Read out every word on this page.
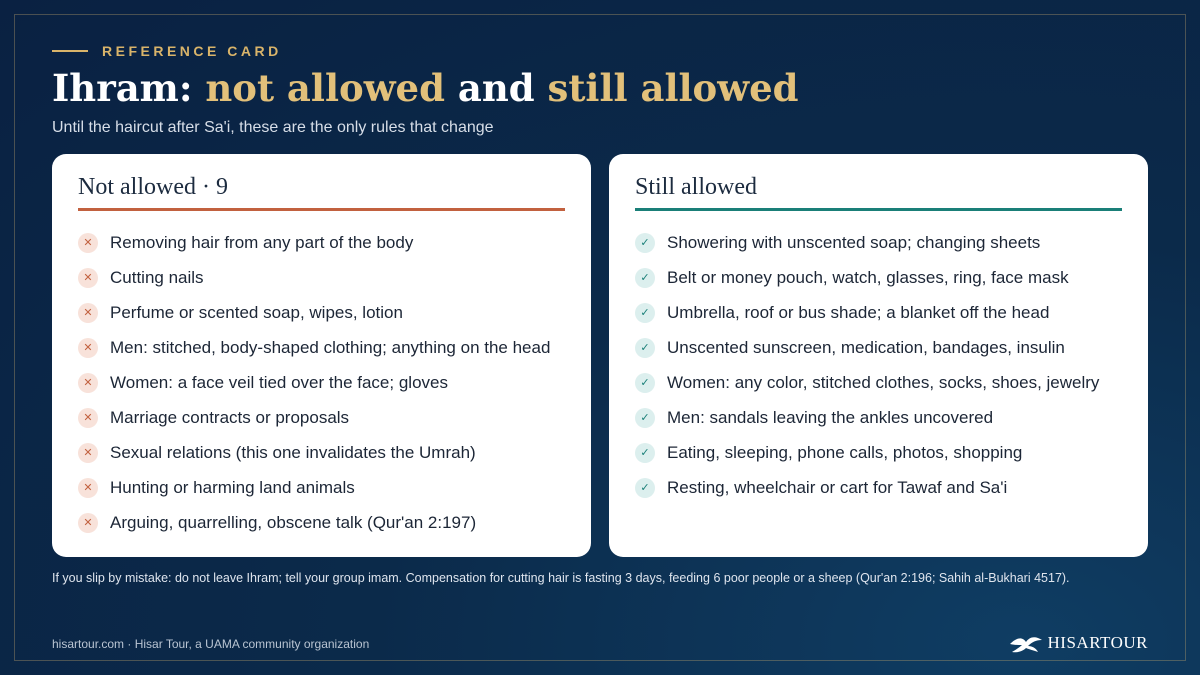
REFERENCE CARD
Ihram: not allowed and still allowed
Until the haircut after Sa'i, these are the only rules that change
Not allowed · 9
✕	Removing hair from any part of the body
✕	Cutting nails
✕	Perfume or scented soap, wipes, lotion
✕	Men: stitched, body-shaped clothing; anything on the head
✕	Women: a face veil tied over the face; gloves
✕	Marriage contracts or proposals
✕	Sexual relations (this one invalidates the Umrah)
✕	Hunting or harming land animals
✕	Arguing, quarrelling, obscene talk (Qur'an 2:197)
Still allowed
✓	Showering with unscented soap; changing sheets
✓	Belt or money pouch, watch, glasses, ring, face mask
✓	Umbrella, roof or bus shade; a blanket off the head
✓	Unscented sunscreen, medication, bandages, insulin
✓	Women: any color, stitched clothes, socks, shoes, jewelry
✓	Men: sandals leaving the ankles uncovered
✓	Eating, sleeping, phone calls, photos, shopping
✓	Resting, wheelchair or cart for Tawaf and Sa'i
If you slip by mistake: do not leave Ihram; tell your group imam. Compensation for cutting hair is fasting 3 days, feeding 6 poor people or a sheep (Qur'an 2:196; Sahih al-Bukhari 4517).
hisartour.com · Hisar Tour, a UAMA community organization	HISARTOUR
